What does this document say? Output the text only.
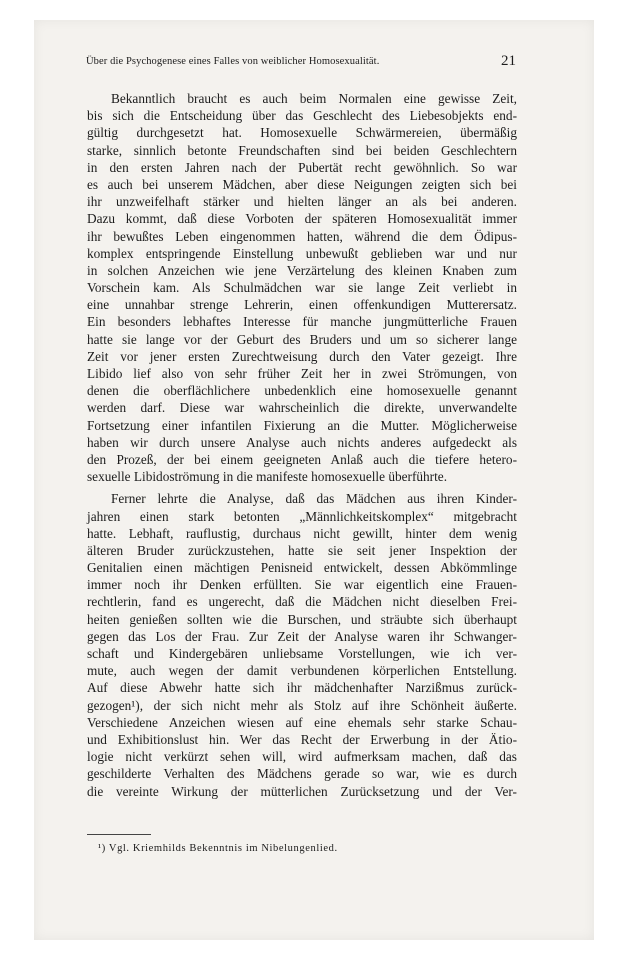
Über die Psychogenese eines Falles von weiblicher Homosexualität.	21
Bekanntlich braucht es auch beim Normalen eine gewisse Zeit,
bis sich die Entscheidung über das Geschlecht des Liebesobjekts end-
gültig durchgesetzt hat. Homosexuelle Schwärmereien, übermäßig
starke, sinnlich betonte Freundschaften sind bei beiden Geschlechtern
in den ersten Jahren nach der Pubertät recht gewöhnlich. So war
es auch bei unserem Mädchen, aber diese Neigungen zeigten sich bei
ihr unzweifelhaft stärker und hielten länger an als bei anderen.
Dazu kommt, daß diese Vorboten der späteren Homosexualität immer
ihr bewußtes Leben eingenommen hatten, während die dem Ödipus-
komplex entspringende Einstellung unbewußt geblieben war und nur
in solchen Anzeichen wie jene Verzärtelung des kleinen Knaben zum
Vorschein kam. Als Schulmädchen war sie lange Zeit verliebt in
eine unnahbar strenge Lehrerin, einen offenkundigen Mutterersatz.
Ein besonders lebhaftes Interesse für manche jungmütterliche Frauen
hatte sie lange vor der Geburt des Bruders und um so sicherer lange
Zeit vor jener ersten Zurechtweisung durch den Vater gezeigt. Ihre
Libido lief also von sehr früher Zeit her in zwei Strömungen, von
denen die oberflächlichere unbedenklich eine homosexuelle genannt
werden darf. Diese war wahrscheinlich die direkte, unverwandelte
Fortsetzung einer infantilen Fixierung an die Mutter. Möglicherweise
haben wir durch unsere Analyse auch nichts anderes aufgedeckt als
den Prozeß, der bei einem geeigneten Anlaß auch die tiefere hetero-
sexuelle Libidoströmung in die manifeste homosexuelle überführte.
Ferner lehrte die Analyse, daß das Mädchen aus ihren Kinder-
jahren einen stark betonten „Männlichkeitskomplex“ mitgebracht
hatte. Lebhaft, rauflustig, durchaus nicht gewillt, hinter dem wenig
älteren Bruder zurückzustehen, hatte sie seit jener Inspektion der
Genitalien einen mächtigen Penisneid entwickelt, dessen Abkömmlinge
immer noch ihr Denken erfüllten. Sie war eigentlich eine Frauen-
rechtlerin, fand es ungerecht, daß die Mädchen nicht dieselben Frei-
heiten genießen sollten wie die Burschen, und sträubte sich überhaupt
gegen das Los der Frau. Zur Zeit der Analyse waren ihr Schwanger-
schaft und Kindergebären unliebsame Vorstellungen, wie ich ver-
mute, auch wegen der damit verbundenen körperlichen Entstellung.
Auf diese Abwehr hatte sich ihr mädchenhafter Narzißmus zurück-
gezogen¹), der sich nicht mehr als Stolz auf ihre Schönheit äußerte.
Verschiedene Anzeichen wiesen auf eine ehemals sehr starke Schau-
und Exhibitionslust hin. Wer das Recht der Erwerbung in der Ätio-
logie nicht verkürzt sehen will, wird aufmerksam machen, daß das
geschilderte Verhalten des Mädchens gerade so war, wie es durch
die vereinte Wirkung der mütterlichen Zurücksetzung und der Ver-
¹) Vgl. Kriemhilds Bekenntnis im Nibelungenlied.
